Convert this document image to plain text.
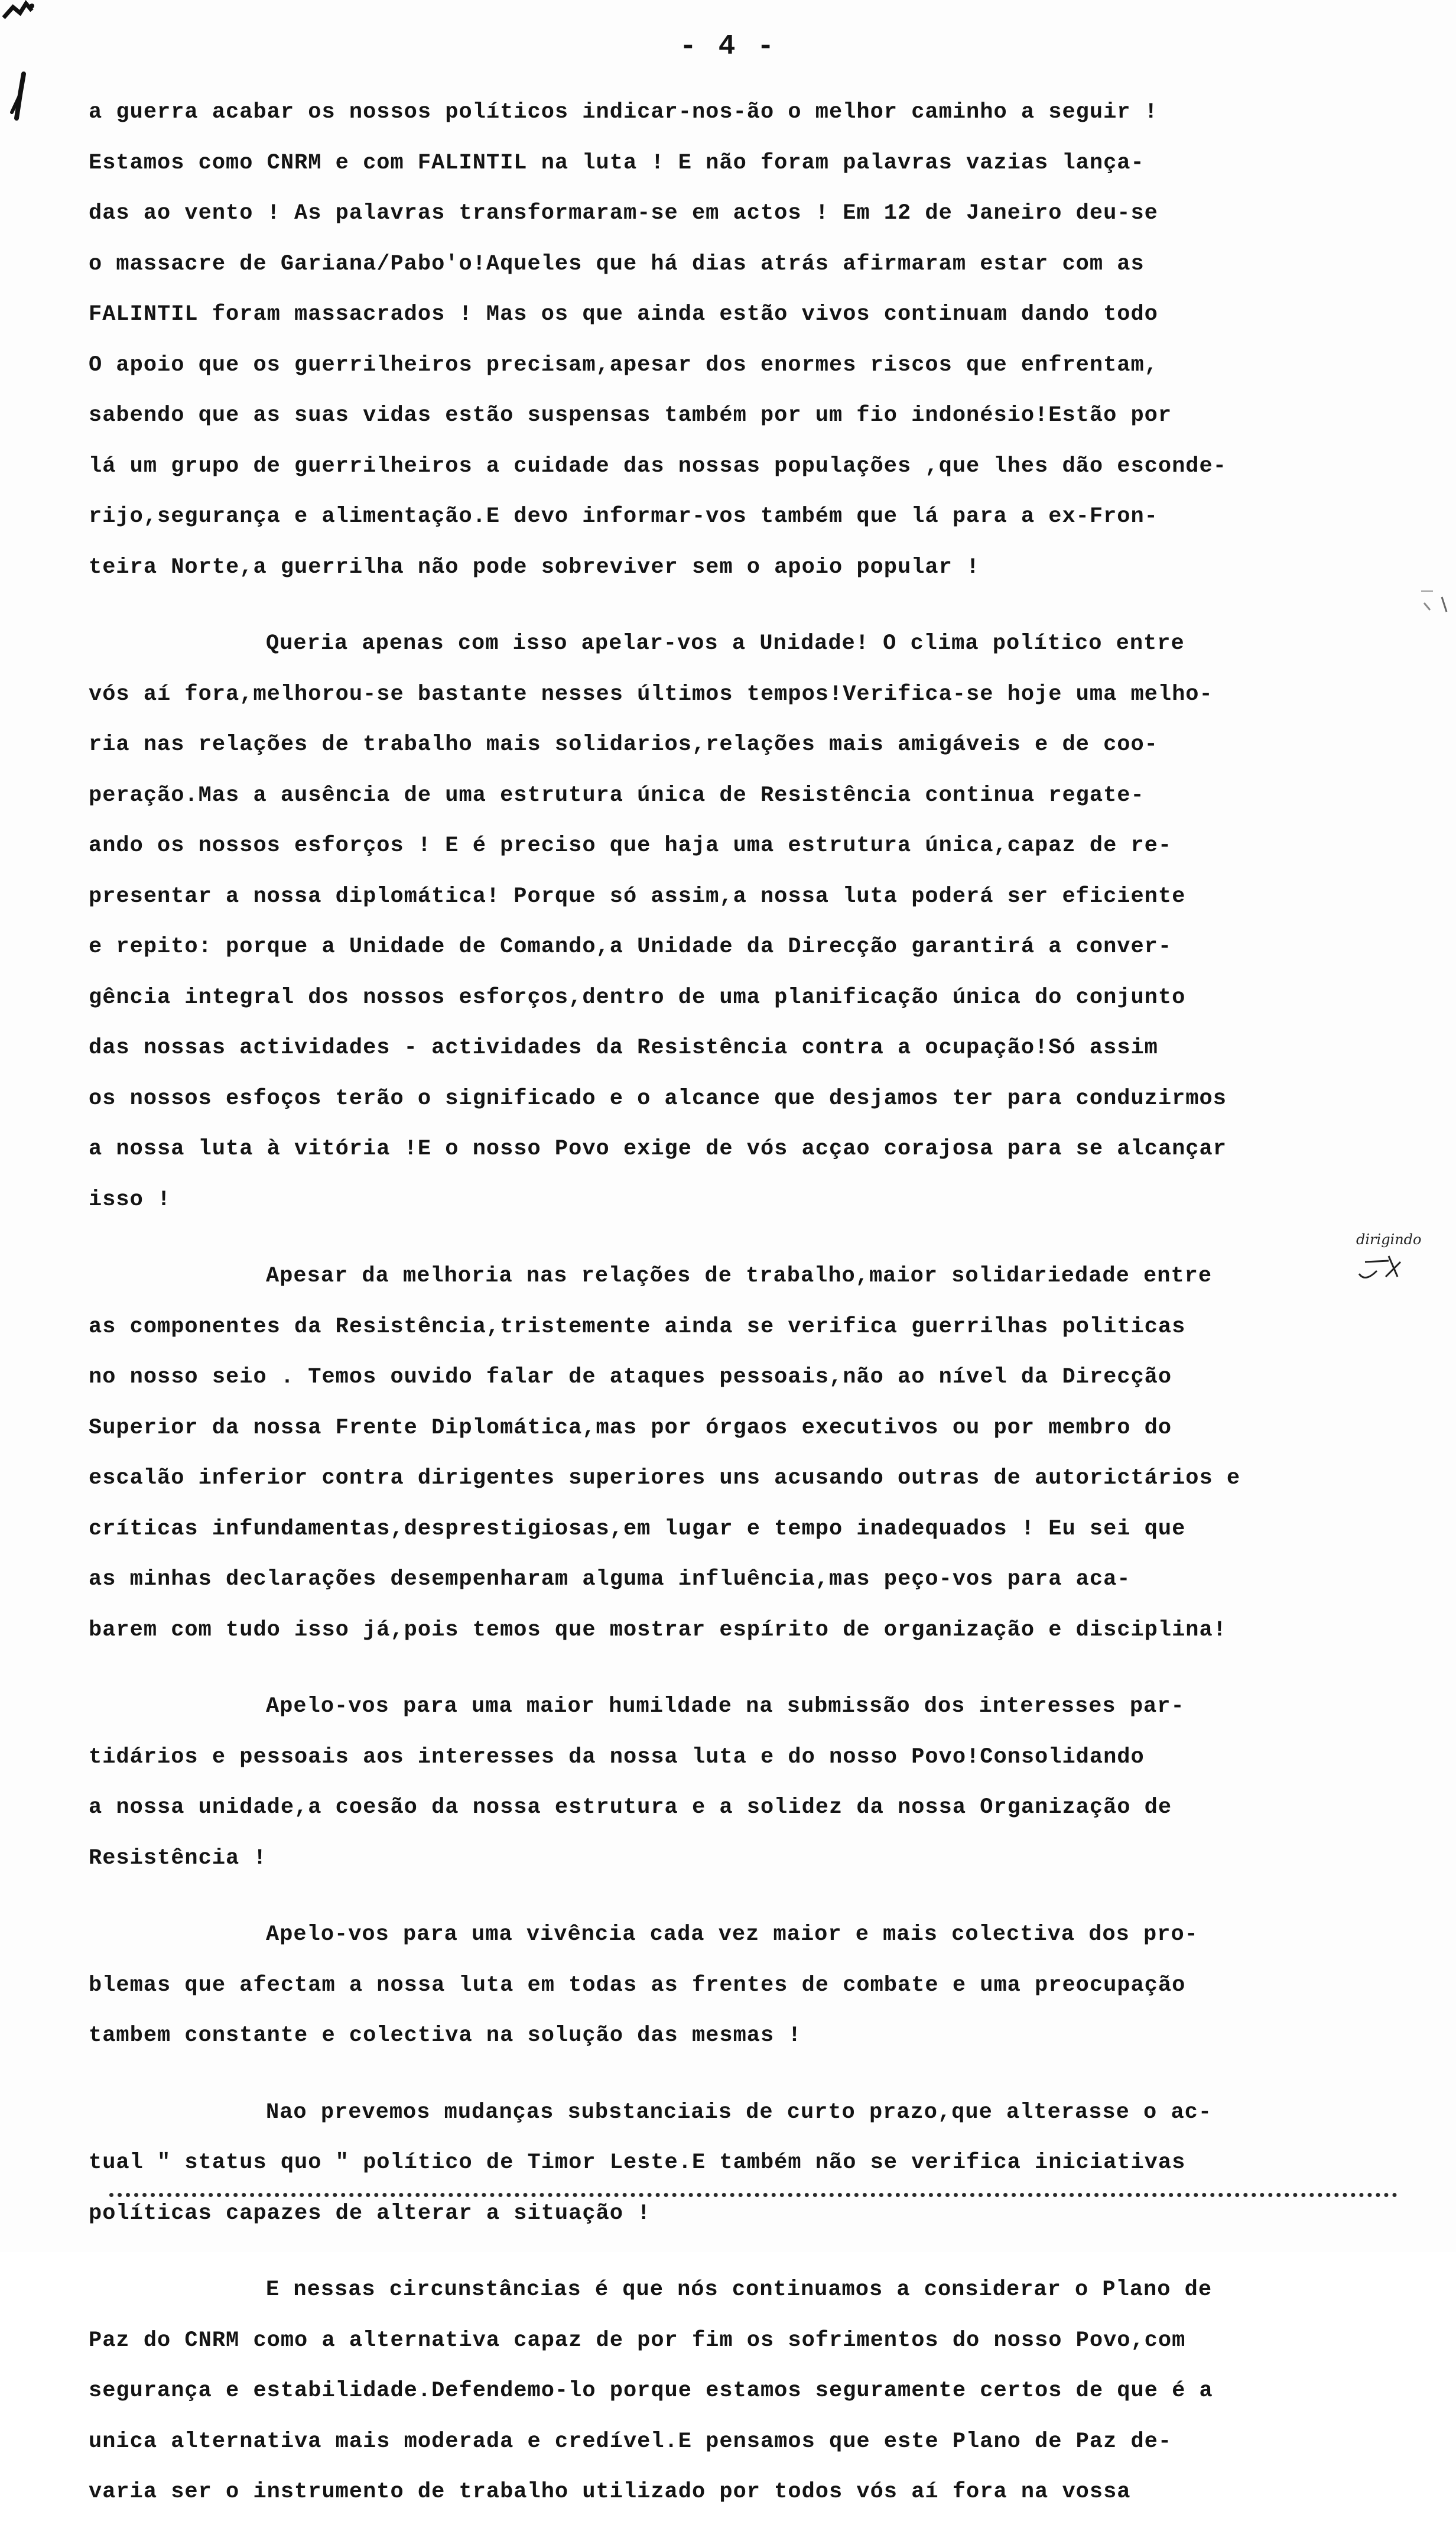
dirigindo
- 4 -
a guerra acabar os nossos políticos indicar-nos-ão o melhor caminho a seguir !
Estamos como CNRM e com FALINTIL na luta ! E não foram palavras vazias lança-
das ao vento ! As palavras transformaram-se em actos ! Em 12 de Janeiro deu-se
o massacre de Gariana/Pabo'o!Aqueles que há dias atrás afirmaram estar com as
FALINTIL foram massacrados ! Mas os que ainda estão vivos continuam dando todo
O apoio que os guerrilheiros precisam,apesar dos enormes riscos que enfrentam,
sabendo que as suas vidas estão suspensas também por um fio indonésio!Estão por
lá um grupo de guerrilheiros a cuidade das nossas populações ,que lhes dão esconde-
rijo,segurança e alimentação.E devo informar-vos também que lá para a ex-Fron-
teira Norte,a guerrilha não pode sobreviver sem o apoio popular !
Queria apenas com isso apelar-vos a Unidade! O clima político entre
vós aí fora,melhorou-se bastante nesses últimos tempos!Verifica-se hoje uma melho-
ria nas relações de trabalho mais solidarios,relações mais amigáveis e de coo-
peração.Mas a ausência de uma estrutura única de Resistência continua regate-
ando os nossos esforços ! E é preciso que haja uma estrutura única,capaz de re-
presentar a nossa diplomática! Porque só assim,a nossa luta poderá ser eficiente
e repito: porque a Unidade de Comando,a Unidade da Direcção garantirá a conver-
gência integral dos nossos esforços,dentro de uma planificação única do conjunto
das nossas actividades - actividades da Resistência contra a ocupação!Só assim
os nossos esfoços terão o significado e o alcance que desjamos ter para conduzirmos
a nossa luta à vitória !E o nosso Povo exige de vós acçao corajosa para se alcançar
isso !
Apesar da melhoria nas relações de trabalho,maior solidariedade entre
as componentes da Resistência,tristemente ainda se verifica guerrilhas politicas
no nosso seio . Temos ouvido falar de ataques pessoais,não ao nível da Direcção
Superior da nossa Frente Diplomática,mas por órgaos executivos ou por membro do
escalão inferior contra dirigentes superiores uns acusando outras de autorictários e
críticas infundamentas,desprestigiosas,em lugar e tempo inadequados ! Eu sei que
as minhas declarações desempenharam alguma influência,mas peço-vos para aca-
barem com tudo isso já,pois temos que mostrar espírito de organização e disciplina!
Apelo-vos para uma maior humildade na submissão dos interesses par-
tidários e pessoais aos interesses da nossa luta e do nosso Povo!Consolidando
a nossa unidade,a coesão da nossa estrutura e a solidez da nossa Organização de
Resistência !
Apelo-vos para uma vivência cada vez maior e mais colectiva dos pro-
blemas que afectam a nossa luta em todas as frentes de combate e uma preocupação
tambem constante e colectiva na solução das mesmas !
Nao prevemos mudanças substanciais de curto prazo,que alterasse o ac-
tual " status quo " político de Timor Leste.E também não se verifica iniciativas
políticas capazes de alterar a situação !
E nessas circunstâncias é que nós continuamos a considerar o Plano de
Paz do CNRM como a alternativa capaz de por fim os sofrimentos do nosso Povo,com
segurança e estabilidade.Defendemo-lo porque estamos seguramente certos de que é a
unica alternativa mais moderada e credível.E pensamos que este Plano de Paz de-
varia ser o instrumento de trabalho utilizado por todos vós aí fora na vossa
